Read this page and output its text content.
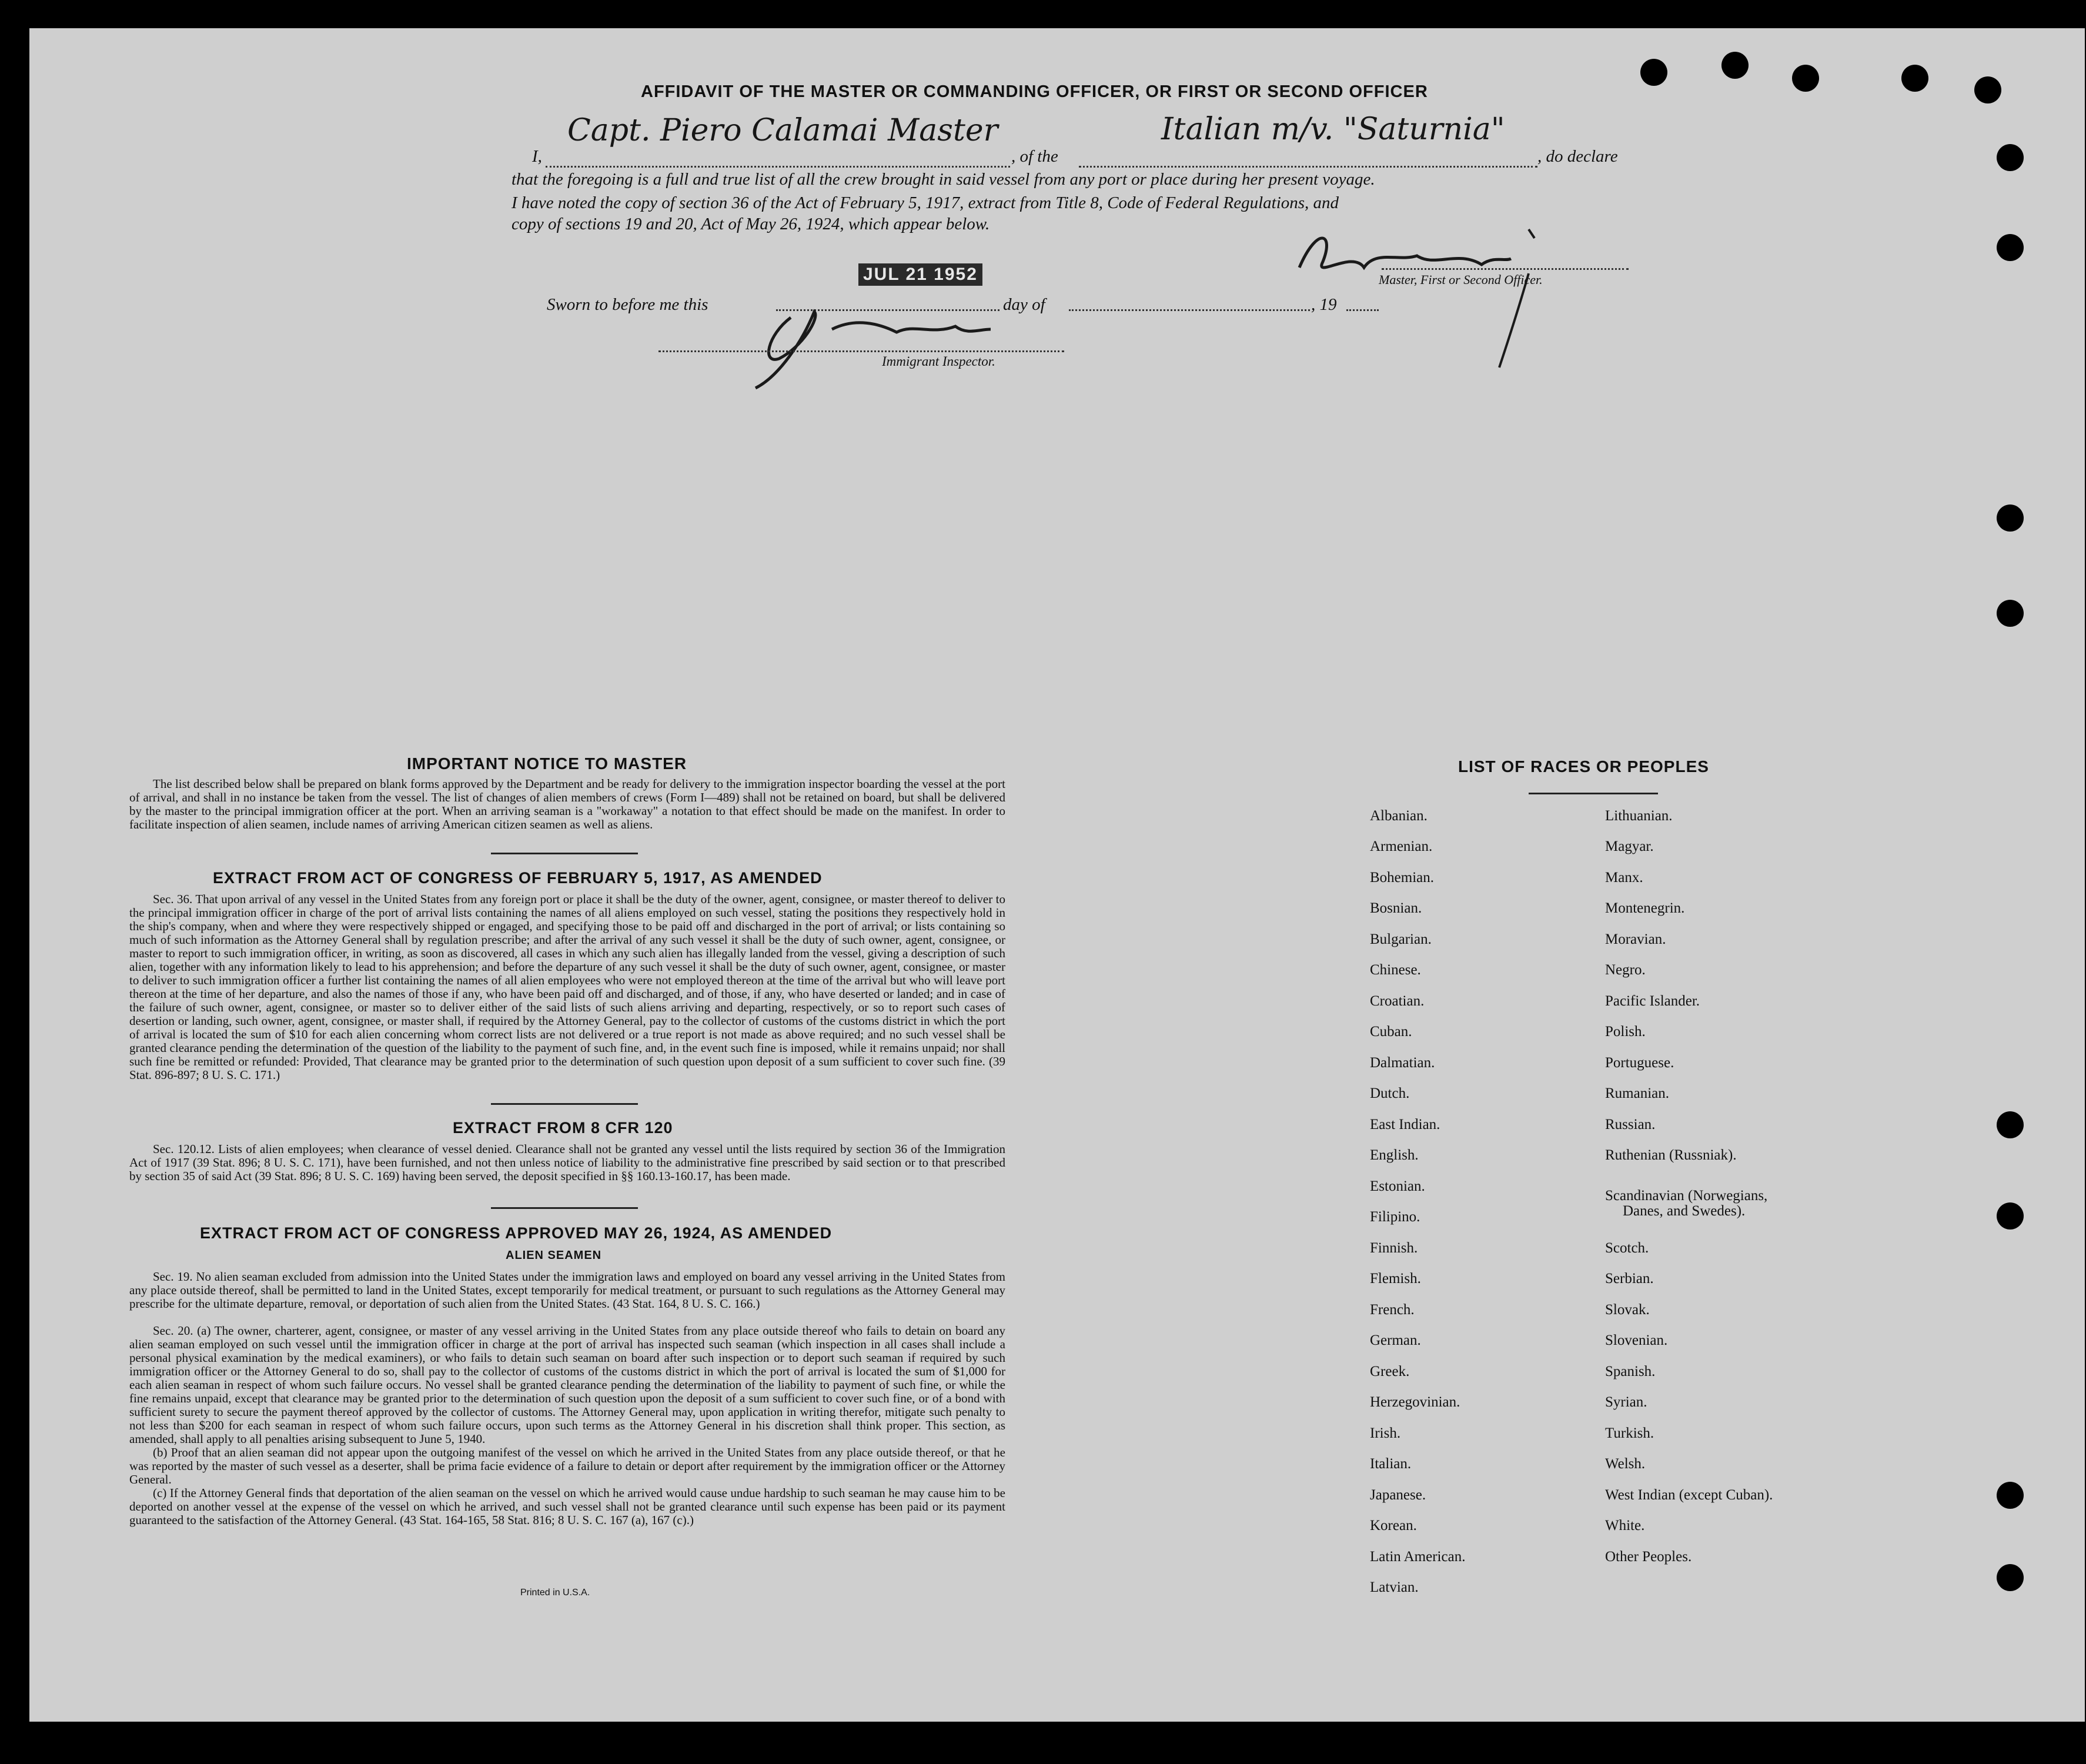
AFFIDAVIT OF THE MASTER OR COMMANDING OFFICER, OR FIRST OR SECOND OFFICER
I,
Capt. Piero Calamai Master
, of the
Italian m/v. "Saturnia"
, do declare
that the foregoing is a full and true list of all the crew brought in said vessel from any port or place during her present voyage.
I have noted the copy of section 36 of the Act of February 5, 1917, extract from Title 8, Code of Federal Regulations, and
copy of sections 19 and 20, Act of May 26, 1924, which appear below.
Master, First or Second Officer.
Sworn to before me this
JUL 21 1952
day of	, 19
Immigrant Inspector.
IMPORTANT NOTICE TO MASTER
The list described below shall be prepared on blank forms approved by the Department and be ready for delivery to the immigration inspector boarding the vessel at the port of arrival, and shall in no instance be taken from the vessel. The list of changes of alien members of crews (Form I—489) shall not be retained on board, but shall be delivered by the master to the principal immigration officer at the port. When an arriving seaman is a "workaway" a notation to that effect should be made on the manifest. In order to facilitate inspection of alien seamen, include names of arriving American citizen seamen as well as aliens.
EXTRACT FROM ACT OF CONGRESS OF FEBRUARY 5, 1917, AS AMENDED
Sec. 36. That upon arrival of any vessel in the United States from any foreign port or place it shall be the duty of the owner, agent, consignee, or master thereof to deliver to the principal immigration officer in charge of the port of arrival lists containing the names of all aliens employed on such vessel, stating the positions they respectively hold in the ship's company, when and where they were respectively shipped or engaged, and specifying those to be paid off and discharged in the port of arrival; or lists containing so much of such information as the Attorney General shall by regulation prescribe; and after the arrival of any such vessel it shall be the duty of such owner, agent, consignee, or master to report to such immigration officer, in writing, as soon as discovered, all cases in which any such alien has illegally landed from the vessel, giving a description of such alien, together with any information likely to lead to his apprehension; and before the departure of any such vessel it shall be the duty of such owner, agent, consignee, or master to deliver to such immigration officer a further list containing the names of all alien employees who were not employed thereon at the time of the arrival but who will leave port thereon at the time of her departure, and also the names of those if any, who have been paid off and discharged, and of those, if any, who have deserted or landed; and in case of the failure of such owner, agent, consignee, or master so to deliver either of the said lists of such aliens arriving and departing, respectively, or so to report such cases of desertion or landing, such owner, agent, consignee, or master shall, if required by the Attorney General, pay to the collector of customs of the customs district in which the port of arrival is located the sum of $10 for each alien concerning whom correct lists are not delivered or a true report is not made as above required; and no such vessel shall be granted clearance pending the determination of the question of the liability to the payment of such fine, and, in the event such fine is imposed, while it remains unpaid; nor shall such fine be remitted or refunded: Provided, That clearance may be granted prior to the determination of such question upon deposit of a sum sufficient to cover such fine. (39 Stat. 896-897; 8 U. S. C. 171.)
EXTRACT FROM 8 CFR 120
Sec. 120.12. Lists of alien employees; when clearance of vessel denied. Clearance shall not be granted any vessel until the lists required by section 36 of the Immigration Act of 1917 (39 Stat. 896; 8 U. S. C. 171), have been furnished, and not then unless notice of liability to the administrative fine prescribed by said section or to that prescribed by section 35 of said Act (39 Stat. 896; 8 U. S. C. 169) having been served, the deposit specified in §§ 160.13-160.17, has been made.
EXTRACT FROM ACT OF CONGRESS APPROVED MAY 26, 1924, AS AMENDED
ALIEN SEAMEN
Sec. 19. No alien seaman excluded from admission into the United States under the immigration laws and employed on board any vessel arriving in the United States from any place outside thereof, shall be permitted to land in the United States, except temporarily for medical treatment, or pursuant to such regulations as the Attorney General may prescribe for the ultimate departure, removal, or deportation of such alien from the United States. (43 Stat. 164, 8 U. S. C. 166.)
Sec. 20. (a) The owner, charterer, agent, consignee, or master of any vessel arriving in the United States from any place outside thereof who fails to detain on board any alien seaman employed on such vessel until the immigration officer in charge at the port of arrival has inspected such seaman (which inspection in all cases shall include a personal physical examination by the medical examiners), or who fails to detain such seaman on board after such inspection or to deport such seaman if required by such immigration officer or the Attorney General to do so, shall pay to the collector of customs of the customs district in which the port of arrival is located the sum of $1,000 for each alien seaman in respect of whom such failure occurs. No vessel shall be granted clearance pending the determination of the liability to payment of such fine, or while the fine remains unpaid, except that clearance may be granted prior to the determination of such question upon the deposit of a sum sufficient to cover such fine, or of a bond with sufficient surety to secure the payment thereof approved by the collector of customs. The Attorney General may, upon application in writing therefor, mitigate such penalty to not less than $200 for each seaman in respect of whom such failure occurs, upon such terms as the Attorney General in his discretion shall think proper. This section, as amended, shall apply to all penalties arising subsequent to June 5, 1940.
(b) Proof that an alien seaman did not appear upon the outgoing manifest of the vessel on which he arrived in the United States from any place outside thereof, or that he was reported by the master of such vessel as a deserter, shall be prima facie evidence of a failure to detain or deport after requirement by the immigration officer or the Attorney General.
(c) If the Attorney General finds that deportation of the alien seaman on the vessel on which he arrived would cause undue hardship to such seaman he may cause him to be deported on another vessel at the expense of the vessel on which he arrived, and such vessel shall not be granted clearance until such expense has been paid or its payment guaranteed to the satisfaction of the Attorney General. (43 Stat. 164-165, 58 Stat. 816; 8 U. S. C. 167 (a), 167 (c).)
Printed in U.S.A.
LIST OF RACES OR PEOPLES
Albanian.
Armenian.
Bohemian.
Bosnian.
Bulgarian.
Chinese.
Croatian.
Cuban.
Dalmatian.
Dutch.
East Indian.
English.
Estonian.
Filipino.
Finnish.
Flemish.
French.
German.
Greek.
Herzegovinian.
Irish.
Italian.
Japanese.
Korean.
Latin American.
Latvian.
Lithuanian.
Magyar.
Manx.
Montenegrin.
Moravian.
Negro.
Pacific Islander.
Polish.
Portuguese.
Rumanian.
Russian.
Ruthenian (Russniak).
Scandinavian (Norwegians,
Danes, and Swedes).
Scotch.
Serbian.
Slovak.
Slovenian.
Spanish.
Syrian.
Turkish.
Welsh.
West Indian (except Cuban).
White.
Other Peoples.
